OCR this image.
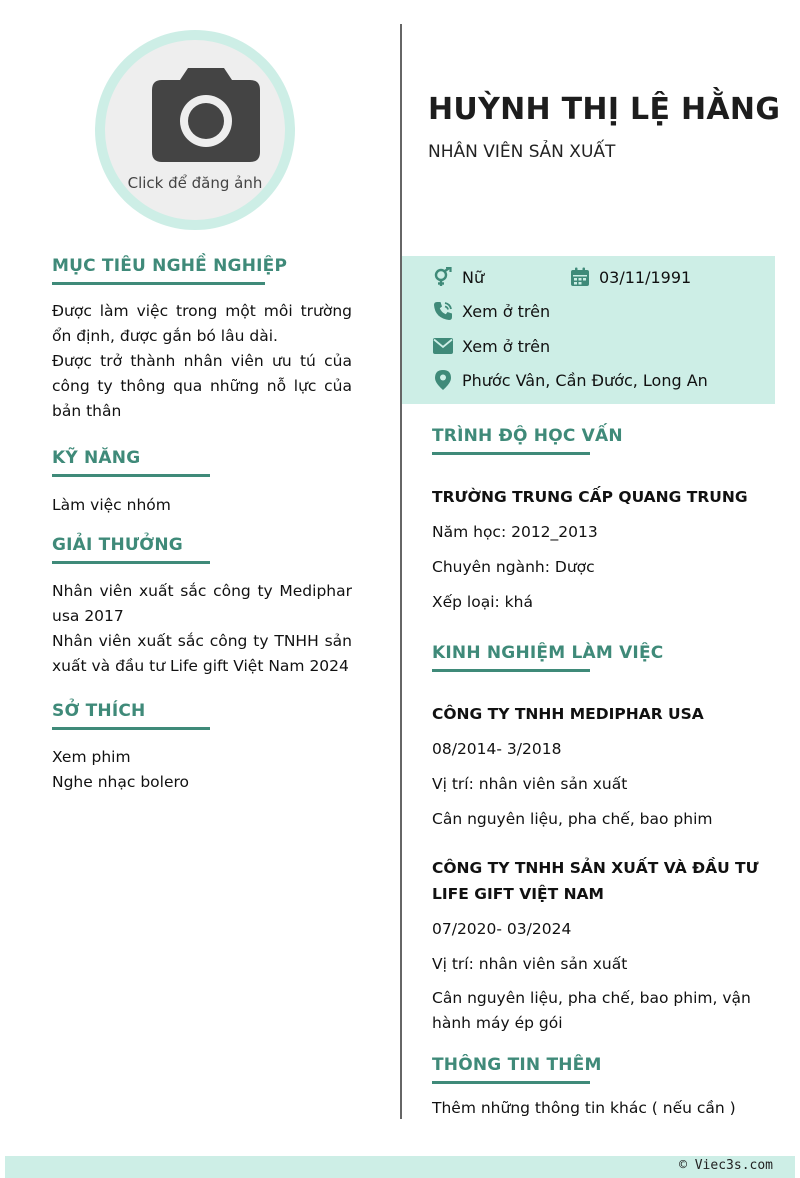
Click để đăng ảnh
MỤC TIÊU NGHỀ NGHIỆP
Được làm việc trong một môi trường ổn định, được gắn bó lâu dài.
Được trở thành nhân viên ưu tú của công ty thông qua những nỗ lực của bản thân
KỸ NĂNG
Làm việc nhóm
GIẢI THƯỞNG
Nhân viên xuất sắc công ty Mediphar usa 2017
Nhân viên xuất sắc công ty TNHH sản xuất và đầu tư Life gift Việt Nam 2024
SỞ THÍCH
Xem phim
Nghe nhạc bolero
HUỲNH THỊ LỆ HẰNG
NHÂN VIÊN SẢN XUẤT
Nữ	03/11/1991
Xem ở trên
Xem ở trên
Phước Vân, Cần Đước, Long An
TRÌNH ĐỘ HỌC VẤN
TRƯỜNG TRUNG CẤP QUANG TRUNG
Năm học: 2012_2013
Chuyên ngành: Dược
Xếp loại: khá
KINH NGHIỆM LÀM VIỆC
CÔNG TY TNHH MEDIPHAR USA
08/2014- 3/2018
Vị trí: nhân viên sản xuất
Cân nguyên liệu, pha chế, bao phim
CÔNG TY TNHH SẢN XUẤT VÀ ĐẦU TƯ LIFE GIFT VIỆT NAM
07/2020- 03/2024
Vị trí: nhân viên sản xuất
Cân nguyên liệu, pha chế, bao phim, vận hành máy ép gói
THÔNG TIN THÊM
Thêm những thông tin khác ( nếu cần )
© Viec3s.com
